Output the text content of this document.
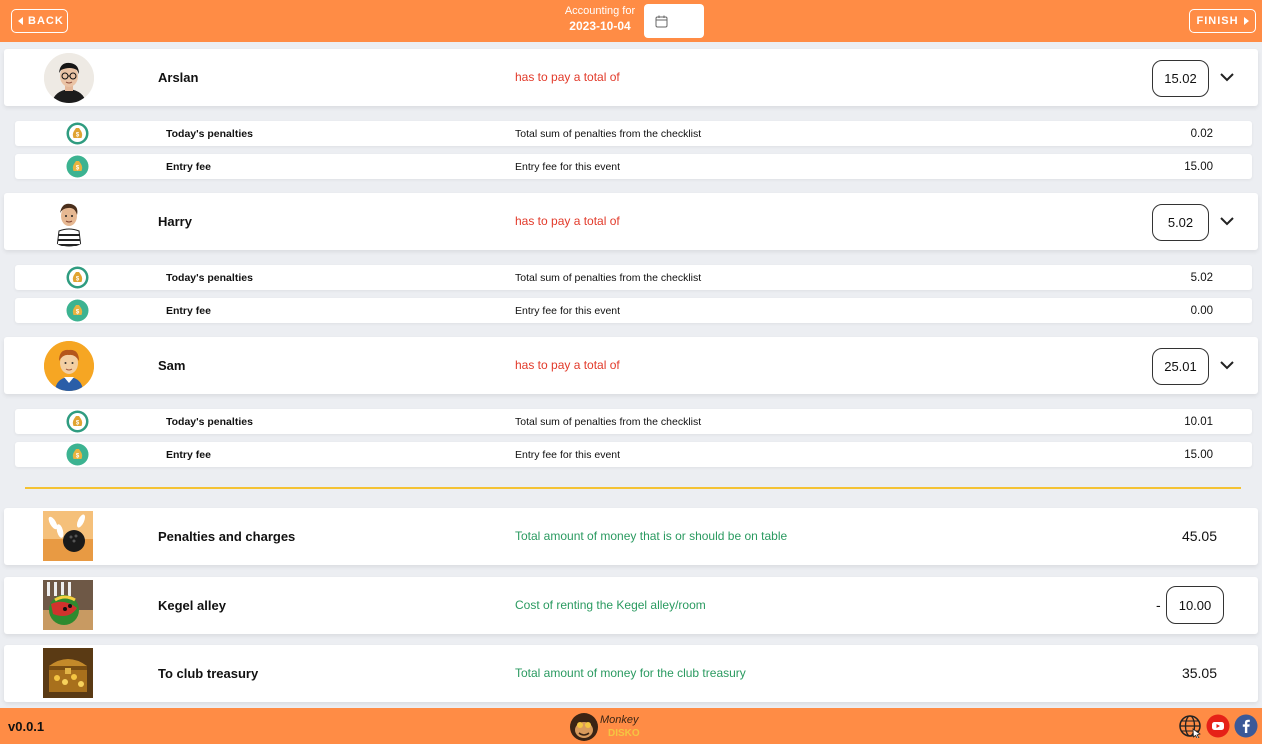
BACK
Accounting for
2023-10-04	FINISH
Arslan	has to pay a total of	15.02
$	Today's penalties	Total sum of penalties from the checklist	0.02
$	Entry fee	Entry fee for this event	15.00
Harry	has to pay a total of	5.02
$	Today's penalties	Total sum of penalties from the checklist	5.02
$	Entry fee	Entry fee for this event	0.00
Sam	has to pay a total of	25.01
$	Today's penalties	Total sum of penalties from the checklist	10.01
$	Entry fee	Entry fee for this event	15.00
Penalties and charges	Total amount of money that is or should be on table	45.05
Kegel alley	Cost of renting the Kegel alley/room	- 10.00
To club treasury	Total amount of money for the club treasury	35.05
v0.0.1	Monkey
DISKO
